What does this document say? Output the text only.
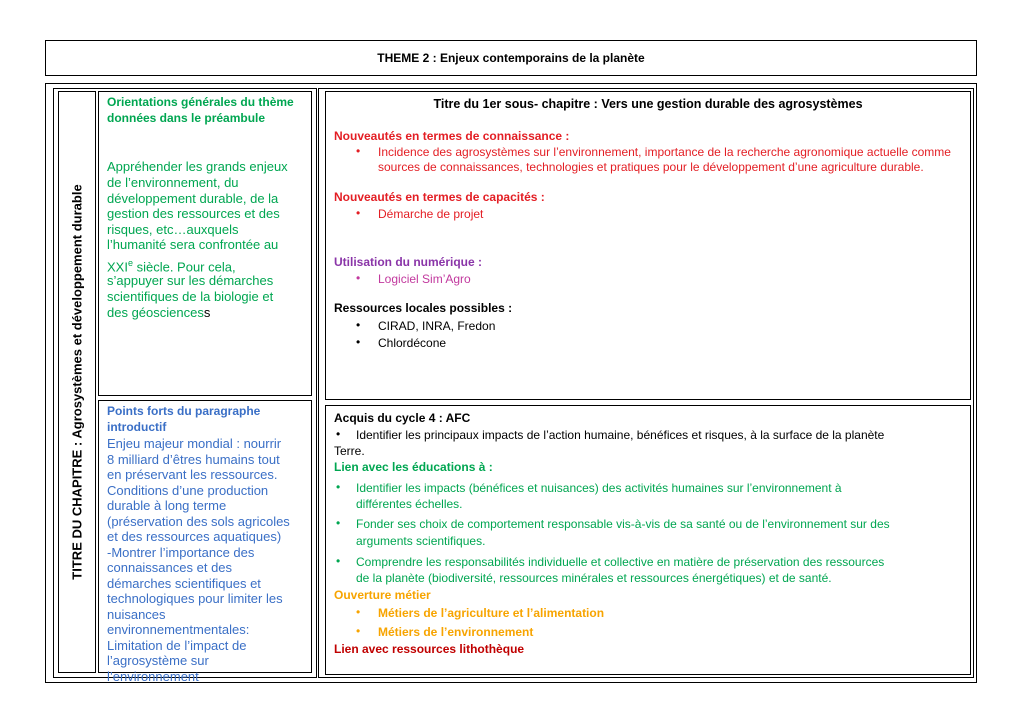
THEME 2 : Enjeux contemporains de la planète
TITRE DU CHAPITRE : Agrosystèmes et développement durable
Orientations générales du thème
données dans le préambule
Appréhender les grands enjeux
de l’environnement, du
développement durable, de la
gestion des ressources et des
risques, etc…auxquels
l’humanité sera confrontée au
XXIe siècle. Pour cela,
s’appuyer sur les démarches
scientifiques de la biologie et
des géosciencess
Points forts du paragraphe
introductif
Enjeu majeur mondial : nourrir
8 milliard d’êtres humains tout
en préservant les ressources.
Conditions d’une production
durable à long terme
(préservation des sols agricoles
et des ressources aquatiques)
-Montrer l’importance des
connaissances et des
démarches scientifiques et
technologiques pour limiter les
nuisances
environnementmentales:
Limitation de l’impact de
l’agrosystème sur
l’environnement
Titre du 1er sous- chapitre : Vers une gestion durable des agrosystèmes
Nouveautés en termes de connaissance :
• Incidence des agrosystèmes sur l’environnement, importance de la recherche agronomique actuelle comme
sources de connaissances, technologies et pratiques pour le développement d’une agriculture durable.
Nouveautés en termes de capacités :
• Démarche de projet
Utilisation du numérique :
• Logiciel Sim’Agro
Ressources locales possibles :
• CIRAD, INRA, Fredon
• Chlordécone
Acquis du cycle 4 : AFC
• Identifier les principaux impacts de l’action humaine, bénéfices et risques, à la surface de la planète
Terre.
Lien avec les éducations à :
• Identifier les impacts (bénéfices et nuisances) des activités humaines sur l’environnement à
différentes échelles.
• Fonder ses choix de comportement responsable vis-à-vis de sa santé ou de l’environnement sur des
arguments scientifiques.
• Comprendre les responsabilités individuelle et collective en matière de préservation des ressources
de la planète (biodiversité, ressources minérales et ressources énergétiques) et de santé.
Ouverture métier
• Métiers de l’agriculture et l’alimentation
• Métiers de l’environnement
Lien avec ressources lithothèque
